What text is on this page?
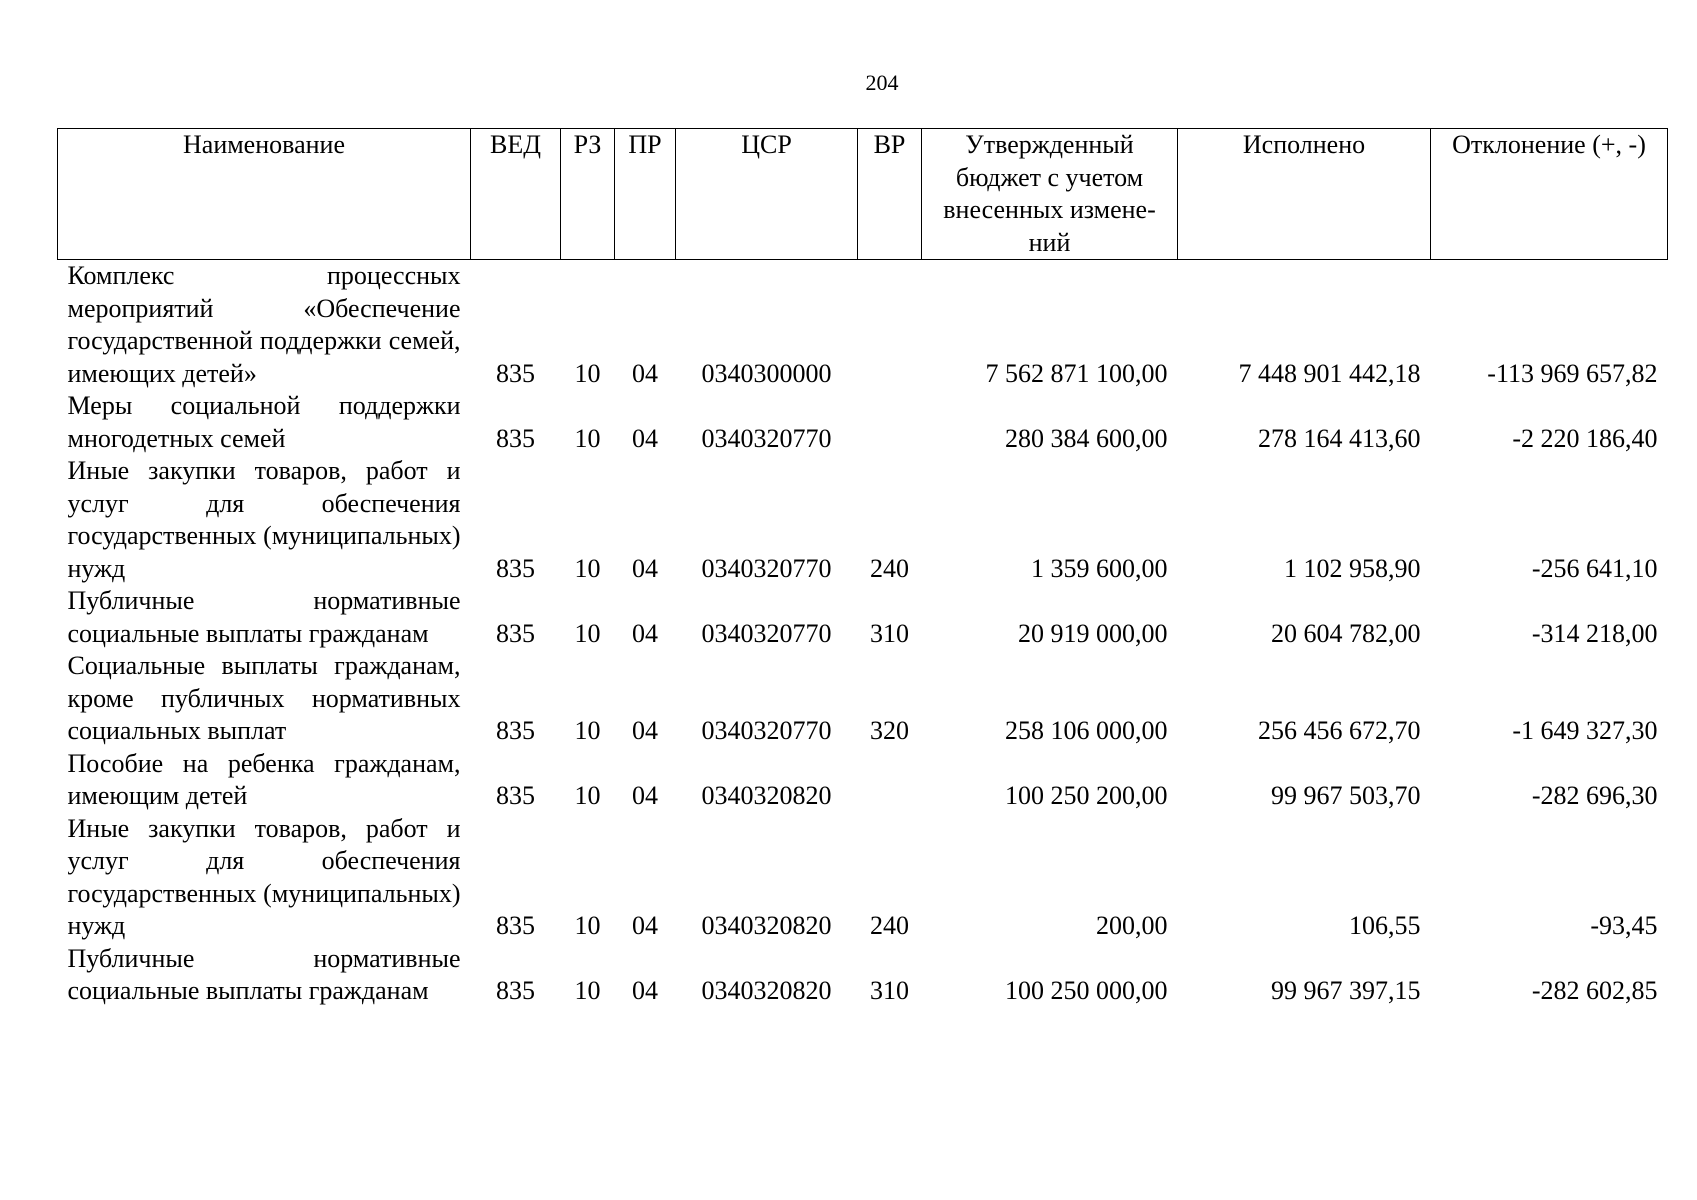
204
Наименование	ВЕД	РЗ	ПР	ЦСР	ВР	Утвержденный бюджет с учетом внесенных измене-ний	Исполнено	Отклонение (+, -)
Комплекс процессных мероприятий «Обеспечение государственной поддержки семей, имеющих детей»	835	10	04	0340300000		7 562 871 100,00	7 448 901 442,18	-113 969 657,82
Меры социальной поддержки многодетных семей	835	10	04	0340320770		280 384 600,00	278 164 413,60	-2 220 186,40
Иные закупки товаров, работ и услуг для обеспечения государственных (муниципальных) нужд	835	10	04	0340320770	240	1 359 600,00	1 102 958,90	-256 641,10
Публичные нормативные социальные выплаты гражданам	835	10	04	0340320770	310	20 919 000,00	20 604 782,00	-314 218,00
Социальные выплаты гражданам, кроме публичных нормативных социальных выплат	835	10	04	0340320770	320	258 106 000,00	256 456 672,70	-1 649 327,30
Пособие на ребенка гражданам, имеющим детей	835	10	04	0340320820		100 250 200,00	99 967 503,70	-282 696,30
Иные закупки товаров, работ и услуг для обеспечения государственных (муниципальных) нужд	835	10	04	0340320820	240	200,00	106,55	-93,45
Публичные нормативные социальные выплаты гражданам	835	10	04	0340320820	310	100 250 000,00	99 967 397,15	-282 602,85
